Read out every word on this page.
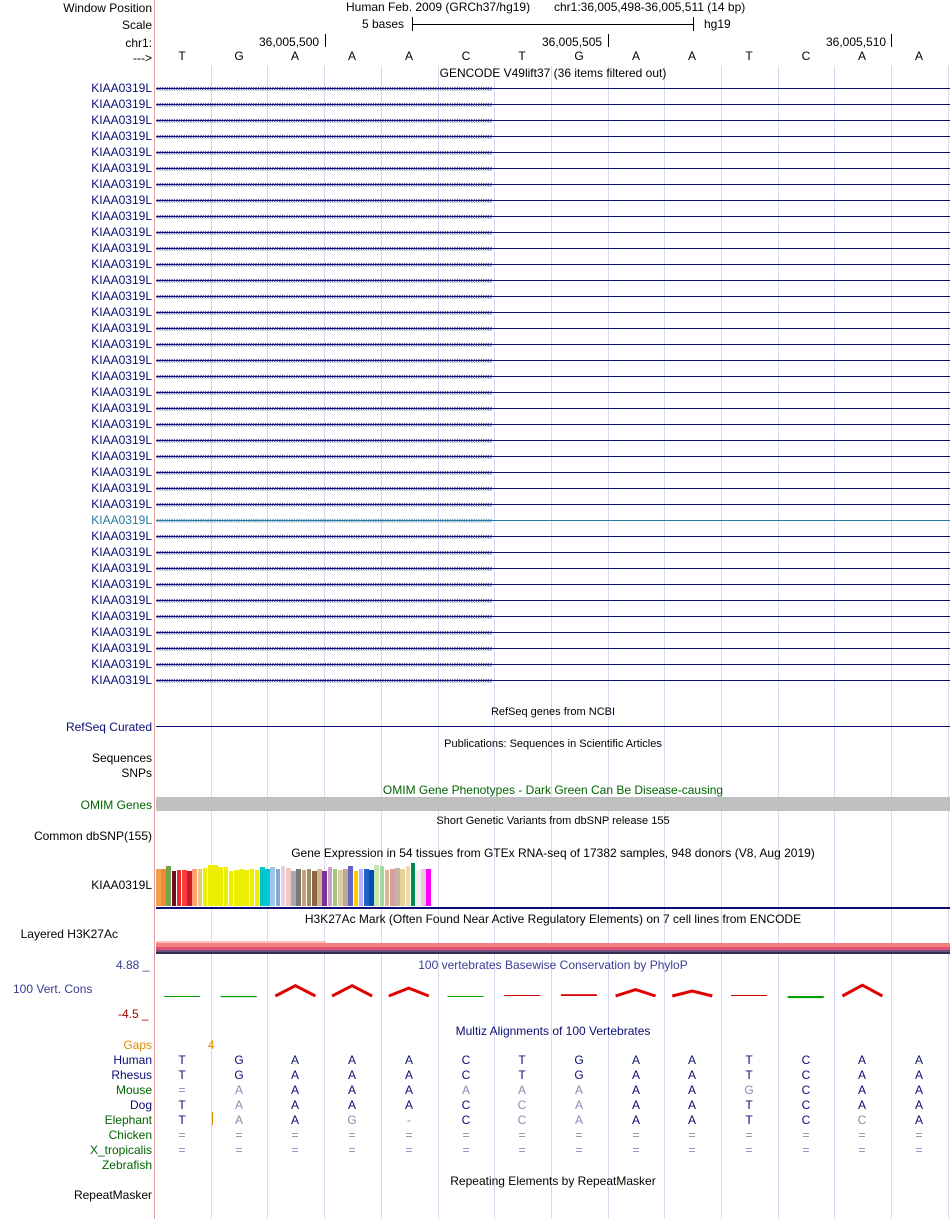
Window Position
Scale
chr1:
--->
Human Feb. 2009 (GRCh37/hg19) chr1:36,005,498-36,005,511 (14 bp)
5 bases	hg19
36,005,500	36,005,505	36,005,510
T	G	A	A	A	C	T	G	A	A	T	C	A	A
GENCODE V49lift37 (36 items filtered out)
KIAA0319L ‹‹‹‹‹‹‹‹‹‹‹‹‹‹‹‹‹‹‹‹‹‹‹‹‹‹‹‹‹‹‹‹‹‹‹‹‹‹‹‹‹‹‹‹‹‹‹‹‹‹‹‹‹‹‹‹‹‹‹‹‹‹‹‹‹‹‹‹‹‹‹‹‹‹‹‹‹‹‹‹‹‹‹‹‹‹‹‹‹‹‹‹‹‹‹‹‹‹‹‹‹‹‹‹‹‹‹‹‹‹‹‹‹‹‹‹‹‹‹‹‹‹‹‹‹‹‹‹‹‹‹‹‹‹‹‹‹‹‹‹
KIAA0319L ‹‹‹‹‹‹‹‹‹‹‹‹‹‹‹‹‹‹‹‹‹‹‹‹‹‹‹‹‹‹‹‹‹‹‹‹‹‹‹‹‹‹‹‹‹‹‹‹‹‹‹‹‹‹‹‹‹‹‹‹‹‹‹‹‹‹‹‹‹‹‹‹‹‹‹‹‹‹‹‹‹‹‹‹‹‹‹‹‹‹‹‹‹‹‹‹‹‹‹‹‹‹‹‹‹‹‹‹‹‹‹‹‹‹‹‹‹‹‹‹‹‹‹‹‹‹‹‹‹‹‹‹‹‹‹‹‹‹‹‹
KIAA0319L ‹‹‹‹‹‹‹‹‹‹‹‹‹‹‹‹‹‹‹‹‹‹‹‹‹‹‹‹‹‹‹‹‹‹‹‹‹‹‹‹‹‹‹‹‹‹‹‹‹‹‹‹‹‹‹‹‹‹‹‹‹‹‹‹‹‹‹‹‹‹‹‹‹‹‹‹‹‹‹‹‹‹‹‹‹‹‹‹‹‹‹‹‹‹‹‹‹‹‹‹‹‹‹‹‹‹‹‹‹‹‹‹‹‹‹‹‹‹‹‹‹‹‹‹‹‹‹‹‹‹‹‹‹‹‹‹‹‹‹‹
KIAA0319L ‹‹‹‹‹‹‹‹‹‹‹‹‹‹‹‹‹‹‹‹‹‹‹‹‹‹‹‹‹‹‹‹‹‹‹‹‹‹‹‹‹‹‹‹‹‹‹‹‹‹‹‹‹‹‹‹‹‹‹‹‹‹‹‹‹‹‹‹‹‹‹‹‹‹‹‹‹‹‹‹‹‹‹‹‹‹‹‹‹‹‹‹‹‹‹‹‹‹‹‹‹‹‹‹‹‹‹‹‹‹‹‹‹‹‹‹‹‹‹‹‹‹‹‹‹‹‹‹‹‹‹‹‹‹‹‹‹‹‹‹
KIAA0319L ‹‹‹‹‹‹‹‹‹‹‹‹‹‹‹‹‹‹‹‹‹‹‹‹‹‹‹‹‹‹‹‹‹‹‹‹‹‹‹‹‹‹‹‹‹‹‹‹‹‹‹‹‹‹‹‹‹‹‹‹‹‹‹‹‹‹‹‹‹‹‹‹‹‹‹‹‹‹‹‹‹‹‹‹‹‹‹‹‹‹‹‹‹‹‹‹‹‹‹‹‹‹‹‹‹‹‹‹‹‹‹‹‹‹‹‹‹‹‹‹‹‹‹‹‹‹‹‹‹‹‹‹‹‹‹‹‹‹‹‹
KIAA0319L ‹‹‹‹‹‹‹‹‹‹‹‹‹‹‹‹‹‹‹‹‹‹‹‹‹‹‹‹‹‹‹‹‹‹‹‹‹‹‹‹‹‹‹‹‹‹‹‹‹‹‹‹‹‹‹‹‹‹‹‹‹‹‹‹‹‹‹‹‹‹‹‹‹‹‹‹‹‹‹‹‹‹‹‹‹‹‹‹‹‹‹‹‹‹‹‹‹‹‹‹‹‹‹‹‹‹‹‹‹‹‹‹‹‹‹‹‹‹‹‹‹‹‹‹‹‹‹‹‹‹‹‹‹‹‹‹‹‹‹‹
KIAA0319L ‹‹‹‹‹‹‹‹‹‹‹‹‹‹‹‹‹‹‹‹‹‹‹‹‹‹‹‹‹‹‹‹‹‹‹‹‹‹‹‹‹‹‹‹‹‹‹‹‹‹‹‹‹‹‹‹‹‹‹‹‹‹‹‹‹‹‹‹‹‹‹‹‹‹‹‹‹‹‹‹‹‹‹‹‹‹‹‹‹‹‹‹‹‹‹‹‹‹‹‹‹‹‹‹‹‹‹‹‹‹‹‹‹‹‹‹‹‹‹‹‹‹‹‹‹‹‹‹‹‹‹‹‹‹‹‹‹‹‹‹
KIAA0319L ‹‹‹‹‹‹‹‹‹‹‹‹‹‹‹‹‹‹‹‹‹‹‹‹‹‹‹‹‹‹‹‹‹‹‹‹‹‹‹‹‹‹‹‹‹‹‹‹‹‹‹‹‹‹‹‹‹‹‹‹‹‹‹‹‹‹‹‹‹‹‹‹‹‹‹‹‹‹‹‹‹‹‹‹‹‹‹‹‹‹‹‹‹‹‹‹‹‹‹‹‹‹‹‹‹‹‹‹‹‹‹‹‹‹‹‹‹‹‹‹‹‹‹‹‹‹‹‹‹‹‹‹‹‹‹‹‹‹‹‹
KIAA0319L ‹‹‹‹‹‹‹‹‹‹‹‹‹‹‹‹‹‹‹‹‹‹‹‹‹‹‹‹‹‹‹‹‹‹‹‹‹‹‹‹‹‹‹‹‹‹‹‹‹‹‹‹‹‹‹‹‹‹‹‹‹‹‹‹‹‹‹‹‹‹‹‹‹‹‹‹‹‹‹‹‹‹‹‹‹‹‹‹‹‹‹‹‹‹‹‹‹‹‹‹‹‹‹‹‹‹‹‹‹‹‹‹‹‹‹‹‹‹‹‹‹‹‹‹‹‹‹‹‹‹‹‹‹‹‹‹‹‹‹‹
KIAA0319L ‹‹‹‹‹‹‹‹‹‹‹‹‹‹‹‹‹‹‹‹‹‹‹‹‹‹‹‹‹‹‹‹‹‹‹‹‹‹‹‹‹‹‹‹‹‹‹‹‹‹‹‹‹‹‹‹‹‹‹‹‹‹‹‹‹‹‹‹‹‹‹‹‹‹‹‹‹‹‹‹‹‹‹‹‹‹‹‹‹‹‹‹‹‹‹‹‹‹‹‹‹‹‹‹‹‹‹‹‹‹‹‹‹‹‹‹‹‹‹‹‹‹‹‹‹‹‹‹‹‹‹‹‹‹‹‹‹‹‹‹
KIAA0319L ‹‹‹‹‹‹‹‹‹‹‹‹‹‹‹‹‹‹‹‹‹‹‹‹‹‹‹‹‹‹‹‹‹‹‹‹‹‹‹‹‹‹‹‹‹‹‹‹‹‹‹‹‹‹‹‹‹‹‹‹‹‹‹‹‹‹‹‹‹‹‹‹‹‹‹‹‹‹‹‹‹‹‹‹‹‹‹‹‹‹‹‹‹‹‹‹‹‹‹‹‹‹‹‹‹‹‹‹‹‹‹‹‹‹‹‹‹‹‹‹‹‹‹‹‹‹‹‹‹‹‹‹‹‹‹‹‹‹‹‹
KIAA0319L ‹‹‹‹‹‹‹‹‹‹‹‹‹‹‹‹‹‹‹‹‹‹‹‹‹‹‹‹‹‹‹‹‹‹‹‹‹‹‹‹‹‹‹‹‹‹‹‹‹‹‹‹‹‹‹‹‹‹‹‹‹‹‹‹‹‹‹‹‹‹‹‹‹‹‹‹‹‹‹‹‹‹‹‹‹‹‹‹‹‹‹‹‹‹‹‹‹‹‹‹‹‹‹‹‹‹‹‹‹‹‹‹‹‹‹‹‹‹‹‹‹‹‹‹‹‹‹‹‹‹‹‹‹‹‹‹‹‹‹‹
KIAA0319L ‹‹‹‹‹‹‹‹‹‹‹‹‹‹‹‹‹‹‹‹‹‹‹‹‹‹‹‹‹‹‹‹‹‹‹‹‹‹‹‹‹‹‹‹‹‹‹‹‹‹‹‹‹‹‹‹‹‹‹‹‹‹‹‹‹‹‹‹‹‹‹‹‹‹‹‹‹‹‹‹‹‹‹‹‹‹‹‹‹‹‹‹‹‹‹‹‹‹‹‹‹‹‹‹‹‹‹‹‹‹‹‹‹‹‹‹‹‹‹‹‹‹‹‹‹‹‹‹‹‹‹‹‹‹‹‹‹‹‹‹
KIAA0319L ‹‹‹‹‹‹‹‹‹‹‹‹‹‹‹‹‹‹‹‹‹‹‹‹‹‹‹‹‹‹‹‹‹‹‹‹‹‹‹‹‹‹‹‹‹‹‹‹‹‹‹‹‹‹‹‹‹‹‹‹‹‹‹‹‹‹‹‹‹‹‹‹‹‹‹‹‹‹‹‹‹‹‹‹‹‹‹‹‹‹‹‹‹‹‹‹‹‹‹‹‹‹‹‹‹‹‹‹‹‹‹‹‹‹‹‹‹‹‹‹‹‹‹‹‹‹‹‹‹‹‹‹‹‹‹‹‹‹‹‹
KIAA0319L ‹‹‹‹‹‹‹‹‹‹‹‹‹‹‹‹‹‹‹‹‹‹‹‹‹‹‹‹‹‹‹‹‹‹‹‹‹‹‹‹‹‹‹‹‹‹‹‹‹‹‹‹‹‹‹‹‹‹‹‹‹‹‹‹‹‹‹‹‹‹‹‹‹‹‹‹‹‹‹‹‹‹‹‹‹‹‹‹‹‹‹‹‹‹‹‹‹‹‹‹‹‹‹‹‹‹‹‹‹‹‹‹‹‹‹‹‹‹‹‹‹‹‹‹‹‹‹‹‹‹‹‹‹‹‹‹‹‹‹‹
KIAA0319L ‹‹‹‹‹‹‹‹‹‹‹‹‹‹‹‹‹‹‹‹‹‹‹‹‹‹‹‹‹‹‹‹‹‹‹‹‹‹‹‹‹‹‹‹‹‹‹‹‹‹‹‹‹‹‹‹‹‹‹‹‹‹‹‹‹‹‹‹‹‹‹‹‹‹‹‹‹‹‹‹‹‹‹‹‹‹‹‹‹‹‹‹‹‹‹‹‹‹‹‹‹‹‹‹‹‹‹‹‹‹‹‹‹‹‹‹‹‹‹‹‹‹‹‹‹‹‹‹‹‹‹‹‹‹‹‹‹‹‹‹
KIAA0319L ‹‹‹‹‹‹‹‹‹‹‹‹‹‹‹‹‹‹‹‹‹‹‹‹‹‹‹‹‹‹‹‹‹‹‹‹‹‹‹‹‹‹‹‹‹‹‹‹‹‹‹‹‹‹‹‹‹‹‹‹‹‹‹‹‹‹‹‹‹‹‹‹‹‹‹‹‹‹‹‹‹‹‹‹‹‹‹‹‹‹‹‹‹‹‹‹‹‹‹‹‹‹‹‹‹‹‹‹‹‹‹‹‹‹‹‹‹‹‹‹‹‹‹‹‹‹‹‹‹‹‹‹‹‹‹‹‹‹‹‹
KIAA0319L ‹‹‹‹‹‹‹‹‹‹‹‹‹‹‹‹‹‹‹‹‹‹‹‹‹‹‹‹‹‹‹‹‹‹‹‹‹‹‹‹‹‹‹‹‹‹‹‹‹‹‹‹‹‹‹‹‹‹‹‹‹‹‹‹‹‹‹‹‹‹‹‹‹‹‹‹‹‹‹‹‹‹‹‹‹‹‹‹‹‹‹‹‹‹‹‹‹‹‹‹‹‹‹‹‹‹‹‹‹‹‹‹‹‹‹‹‹‹‹‹‹‹‹‹‹‹‹‹‹‹‹‹‹‹‹‹‹‹‹‹
KIAA0319L ‹‹‹‹‹‹‹‹‹‹‹‹‹‹‹‹‹‹‹‹‹‹‹‹‹‹‹‹‹‹‹‹‹‹‹‹‹‹‹‹‹‹‹‹‹‹‹‹‹‹‹‹‹‹‹‹‹‹‹‹‹‹‹‹‹‹‹‹‹‹‹‹‹‹‹‹‹‹‹‹‹‹‹‹‹‹‹‹‹‹‹‹‹‹‹‹‹‹‹‹‹‹‹‹‹‹‹‹‹‹‹‹‹‹‹‹‹‹‹‹‹‹‹‹‹‹‹‹‹‹‹‹‹‹‹‹‹‹‹‹
KIAA0319L ‹‹‹‹‹‹‹‹‹‹‹‹‹‹‹‹‹‹‹‹‹‹‹‹‹‹‹‹‹‹‹‹‹‹‹‹‹‹‹‹‹‹‹‹‹‹‹‹‹‹‹‹‹‹‹‹‹‹‹‹‹‹‹‹‹‹‹‹‹‹‹‹‹‹‹‹‹‹‹‹‹‹‹‹‹‹‹‹‹‹‹‹‹‹‹‹‹‹‹‹‹‹‹‹‹‹‹‹‹‹‹‹‹‹‹‹‹‹‹‹‹‹‹‹‹‹‹‹‹‹‹‹‹‹‹‹‹‹‹‹
KIAA0319L ‹‹‹‹‹‹‹‹‹‹‹‹‹‹‹‹‹‹‹‹‹‹‹‹‹‹‹‹‹‹‹‹‹‹‹‹‹‹‹‹‹‹‹‹‹‹‹‹‹‹‹‹‹‹‹‹‹‹‹‹‹‹‹‹‹‹‹‹‹‹‹‹‹‹‹‹‹‹‹‹‹‹‹‹‹‹‹‹‹‹‹‹‹‹‹‹‹‹‹‹‹‹‹‹‹‹‹‹‹‹‹‹‹‹‹‹‹‹‹‹‹‹‹‹‹‹‹‹‹‹‹‹‹‹‹‹‹‹‹‹
KIAA0319L ‹‹‹‹‹‹‹‹‹‹‹‹‹‹‹‹‹‹‹‹‹‹‹‹‹‹‹‹‹‹‹‹‹‹‹‹‹‹‹‹‹‹‹‹‹‹‹‹‹‹‹‹‹‹‹‹‹‹‹‹‹‹‹‹‹‹‹‹‹‹‹‹‹‹‹‹‹‹‹‹‹‹‹‹‹‹‹‹‹‹‹‹‹‹‹‹‹‹‹‹‹‹‹‹‹‹‹‹‹‹‹‹‹‹‹‹‹‹‹‹‹‹‹‹‹‹‹‹‹‹‹‹‹‹‹‹‹‹‹‹
KIAA0319L ‹‹‹‹‹‹‹‹‹‹‹‹‹‹‹‹‹‹‹‹‹‹‹‹‹‹‹‹‹‹‹‹‹‹‹‹‹‹‹‹‹‹‹‹‹‹‹‹‹‹‹‹‹‹‹‹‹‹‹‹‹‹‹‹‹‹‹‹‹‹‹‹‹‹‹‹‹‹‹‹‹‹‹‹‹‹‹‹‹‹‹‹‹‹‹‹‹‹‹‹‹‹‹‹‹‹‹‹‹‹‹‹‹‹‹‹‹‹‹‹‹‹‹‹‹‹‹‹‹‹‹‹‹‹‹‹‹‹‹‹
KIAA0319L ‹‹‹‹‹‹‹‹‹‹‹‹‹‹‹‹‹‹‹‹‹‹‹‹‹‹‹‹‹‹‹‹‹‹‹‹‹‹‹‹‹‹‹‹‹‹‹‹‹‹‹‹‹‹‹‹‹‹‹‹‹‹‹‹‹‹‹‹‹‹‹‹‹‹‹‹‹‹‹‹‹‹‹‹‹‹‹‹‹‹‹‹‹‹‹‹‹‹‹‹‹‹‹‹‹‹‹‹‹‹‹‹‹‹‹‹‹‹‹‹‹‹‹‹‹‹‹‹‹‹‹‹‹‹‹‹‹‹‹‹
KIAA0319L ‹‹‹‹‹‹‹‹‹‹‹‹‹‹‹‹‹‹‹‹‹‹‹‹‹‹‹‹‹‹‹‹‹‹‹‹‹‹‹‹‹‹‹‹‹‹‹‹‹‹‹‹‹‹‹‹‹‹‹‹‹‹‹‹‹‹‹‹‹‹‹‹‹‹‹‹‹‹‹‹‹‹‹‹‹‹‹‹‹‹‹‹‹‹‹‹‹‹‹‹‹‹‹‹‹‹‹‹‹‹‹‹‹‹‹‹‹‹‹‹‹‹‹‹‹‹‹‹‹‹‹‹‹‹‹‹‹‹‹‹
KIAA0319L ‹‹‹‹‹‹‹‹‹‹‹‹‹‹‹‹‹‹‹‹‹‹‹‹‹‹‹‹‹‹‹‹‹‹‹‹‹‹‹‹‹‹‹‹‹‹‹‹‹‹‹‹‹‹‹‹‹‹‹‹‹‹‹‹‹‹‹‹‹‹‹‹‹‹‹‹‹‹‹‹‹‹‹‹‹‹‹‹‹‹‹‹‹‹‹‹‹‹‹‹‹‹‹‹‹‹‹‹‹‹‹‹‹‹‹‹‹‹‹‹‹‹‹‹‹‹‹‹‹‹‹‹‹‹‹‹‹‹‹‹
KIAA0319L ‹‹‹‹‹‹‹‹‹‹‹‹‹‹‹‹‹‹‹‹‹‹‹‹‹‹‹‹‹‹‹‹‹‹‹‹‹‹‹‹‹‹‹‹‹‹‹‹‹‹‹‹‹‹‹‹‹‹‹‹‹‹‹‹‹‹‹‹‹‹‹‹‹‹‹‹‹‹‹‹‹‹‹‹‹‹‹‹‹‹‹‹‹‹‹‹‹‹‹‹‹‹‹‹‹‹‹‹‹‹‹‹‹‹‹‹‹‹‹‹‹‹‹‹‹‹‹‹‹‹‹‹‹‹‹‹‹‹‹‹
KIAA0319L ‹‹‹‹‹‹‹‹‹‹‹‹‹‹‹‹‹‹‹‹‹‹‹‹‹‹‹‹‹‹‹‹‹‹‹‹‹‹‹‹‹‹‹‹‹‹‹‹‹‹‹‹‹‹‹‹‹‹‹‹‹‹‹‹‹‹‹‹‹‹‹‹‹‹‹‹‹‹‹‹‹‹‹‹‹‹‹‹‹‹‹‹‹‹‹‹‹‹‹‹‹‹‹‹‹‹‹‹‹‹‹‹‹‹‹‹‹‹‹‹‹‹‹‹‹‹‹‹‹‹‹‹‹‹‹‹‹‹‹‹
KIAA0319L ‹‹‹‹‹‹‹‹‹‹‹‹‹‹‹‹‹‹‹‹‹‹‹‹‹‹‹‹‹‹‹‹‹‹‹‹‹‹‹‹‹‹‹‹‹‹‹‹‹‹‹‹‹‹‹‹‹‹‹‹‹‹‹‹‹‹‹‹‹‹‹‹‹‹‹‹‹‹‹‹‹‹‹‹‹‹‹‹‹‹‹‹‹‹‹‹‹‹‹‹‹‹‹‹‹‹‹‹‹‹‹‹‹‹‹‹‹‹‹‹‹‹‹‹‹‹‹‹‹‹‹‹‹‹‹‹‹‹‹‹
KIAA0319L ‹‹‹‹‹‹‹‹‹‹‹‹‹‹‹‹‹‹‹‹‹‹‹‹‹‹‹‹‹‹‹‹‹‹‹‹‹‹‹‹‹‹‹‹‹‹‹‹‹‹‹‹‹‹‹‹‹‹‹‹‹‹‹‹‹‹‹‹‹‹‹‹‹‹‹‹‹‹‹‹‹‹‹‹‹‹‹‹‹‹‹‹‹‹‹‹‹‹‹‹‹‹‹‹‹‹‹‹‹‹‹‹‹‹‹‹‹‹‹‹‹‹‹‹‹‹‹‹‹‹‹‹‹‹‹‹‹‹‹‹
KIAA0319L ‹‹‹‹‹‹‹‹‹‹‹‹‹‹‹‹‹‹‹‹‹‹‹‹‹‹‹‹‹‹‹‹‹‹‹‹‹‹‹‹‹‹‹‹‹‹‹‹‹‹‹‹‹‹‹‹‹‹‹‹‹‹‹‹‹‹‹‹‹‹‹‹‹‹‹‹‹‹‹‹‹‹‹‹‹‹‹‹‹‹‹‹‹‹‹‹‹‹‹‹‹‹‹‹‹‹‹‹‹‹‹‹‹‹‹‹‹‹‹‹‹‹‹‹‹‹‹‹‹‹‹‹‹‹‹‹‹‹‹‹
KIAA0319L ‹‹‹‹‹‹‹‹‹‹‹‹‹‹‹‹‹‹‹‹‹‹‹‹‹‹‹‹‹‹‹‹‹‹‹‹‹‹‹‹‹‹‹‹‹‹‹‹‹‹‹‹‹‹‹‹‹‹‹‹‹‹‹‹‹‹‹‹‹‹‹‹‹‹‹‹‹‹‹‹‹‹‹‹‹‹‹‹‹‹‹‹‹‹‹‹‹‹‹‹‹‹‹‹‹‹‹‹‹‹‹‹‹‹‹‹‹‹‹‹‹‹‹‹‹‹‹‹‹‹‹‹‹‹‹‹‹‹‹‹
KIAA0319L ‹‹‹‹‹‹‹‹‹‹‹‹‹‹‹‹‹‹‹‹‹‹‹‹‹‹‹‹‹‹‹‹‹‹‹‹‹‹‹‹‹‹‹‹‹‹‹‹‹‹‹‹‹‹‹‹‹‹‹‹‹‹‹‹‹‹‹‹‹‹‹‹‹‹‹‹‹‹‹‹‹‹‹‹‹‹‹‹‹‹‹‹‹‹‹‹‹‹‹‹‹‹‹‹‹‹‹‹‹‹‹‹‹‹‹‹‹‹‹‹‹‹‹‹‹‹‹‹‹‹‹‹‹‹‹‹‹‹‹‹
KIAA0319L ‹‹‹‹‹‹‹‹‹‹‹‹‹‹‹‹‹‹‹‹‹‹‹‹‹‹‹‹‹‹‹‹‹‹‹‹‹‹‹‹‹‹‹‹‹‹‹‹‹‹‹‹‹‹‹‹‹‹‹‹‹‹‹‹‹‹‹‹‹‹‹‹‹‹‹‹‹‹‹‹‹‹‹‹‹‹‹‹‹‹‹‹‹‹‹‹‹‹‹‹‹‹‹‹‹‹‹‹‹‹‹‹‹‹‹‹‹‹‹‹‹‹‹‹‹‹‹‹‹‹‹‹‹‹‹‹‹‹‹‹
KIAA0319L ‹‹‹‹‹‹‹‹‹‹‹‹‹‹‹‹‹‹‹‹‹‹‹‹‹‹‹‹‹‹‹‹‹‹‹‹‹‹‹‹‹‹‹‹‹‹‹‹‹‹‹‹‹‹‹‹‹‹‹‹‹‹‹‹‹‹‹‹‹‹‹‹‹‹‹‹‹‹‹‹‹‹‹‹‹‹‹‹‹‹‹‹‹‹‹‹‹‹‹‹‹‹‹‹‹‹‹‹‹‹‹‹‹‹‹‹‹‹‹‹‹‹‹‹‹‹‹‹‹‹‹‹‹‹‹‹‹‹‹‹
KIAA0319L ‹‹‹‹‹‹‹‹‹‹‹‹‹‹‹‹‹‹‹‹‹‹‹‹‹‹‹‹‹‹‹‹‹‹‹‹‹‹‹‹‹‹‹‹‹‹‹‹‹‹‹‹‹‹‹‹‹‹‹‹‹‹‹‹‹‹‹‹‹‹‹‹‹‹‹‹‹‹‹‹‹‹‹‹‹‹‹‹‹‹‹‹‹‹‹‹‹‹‹‹‹‹‹‹‹‹‹‹‹‹‹‹‹‹‹‹‹‹‹‹‹‹‹‹‹‹‹‹‹‹‹‹‹‹‹‹‹‹‹‹
KIAA0319L ‹‹‹‹‹‹‹‹‹‹‹‹‹‹‹‹‹‹‹‹‹‹‹‹‹‹‹‹‹‹‹‹‹‹‹‹‹‹‹‹‹‹‹‹‹‹‹‹‹‹‹‹‹‹‹‹‹‹‹‹‹‹‹‹‹‹‹‹‹‹‹‹‹‹‹‹‹‹‹‹‹‹‹‹‹‹‹‹‹‹‹‹‹‹‹‹‹‹‹‹‹‹‹‹‹‹‹‹‹‹‹‹‹‹‹‹‹‹‹‹‹‹‹‹‹‹‹‹‹‹‹‹‹‹‹‹‹‹‹‹
KIAA0319L ‹‹‹‹‹‹‹‹‹‹‹‹‹‹‹‹‹‹‹‹‹‹‹‹‹‹‹‹‹‹‹‹‹‹‹‹‹‹‹‹‹‹‹‹‹‹‹‹‹‹‹‹‹‹‹‹‹‹‹‹‹‹‹‹‹‹‹‹‹‹‹‹‹‹‹‹‹‹‹‹‹‹‹‹‹‹‹‹‹‹‹‹‹‹‹‹‹‹‹‹‹‹‹‹‹‹‹‹‹‹‹‹‹‹‹‹‹‹‹‹‹‹‹‹‹‹‹‹‹‹‹‹‹‹‹‹‹‹‹‹
RefSeq genes from NCBI
RefSeq Curated
Publications: Sequences in Scientific Articles
Sequences
SNPs
OMIM Gene Phenotypes - Dark Green Can Be Disease-causing
OMIM Genes
Short Genetic Variants from dbSNP release 155
Common dbSNP(155)
Gene Expression in 54 tissues from GTEx RNA-seq of 17382 samples, 948 donors (V8, Aug 2019)
KIAA0319L
H3K27Ac Mark (Often Found Near Active Regulatory Elements) on 7 cell lines from ENCODE
Layered H3K27Ac
100 vertebrates Basewise Conservation by PhyloP
4.88 _
100 Vert. Cons
-4.5 _
Multiz Alignments of 100 Vertebrates
Gaps	4
Human	T	G	A	A	A	C	T	G	A	A	T	C	A	A
Rhesus	T	G	A	A	A	C	T	G	A	A	T	C	A	A
Mouse	=	A	A	A	A	A	A	A	A	A	G	C	A	A
Dog	T	A	A	A	A	C	C	A	A	A	T	C	A	A
Elephant	T	A	A	G	-	C	C	A	A	A	T	C	C	A
Chicken	=	=	=	=	=	=	=	=	=	=	=	=	=	=
X_tropicalis	=	=	=	=	=	=	=	=	=	=	=	=	=	=
Zebrafish
Repeating Elements by RepeatMasker
RepeatMasker
